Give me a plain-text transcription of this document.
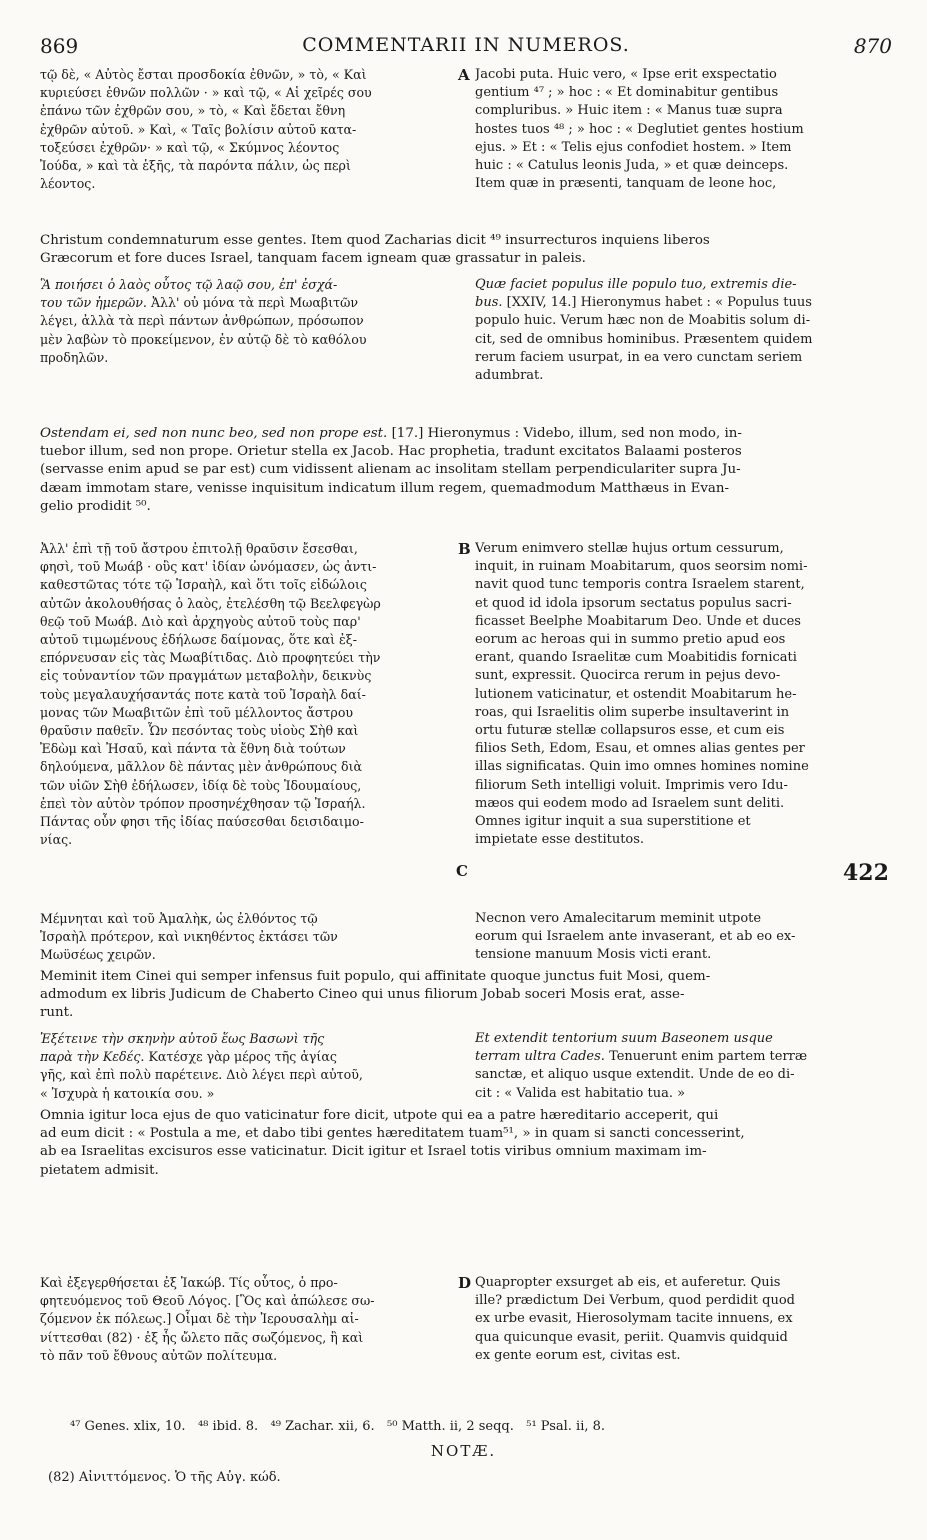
869	COMMENTARII IN NUMEROS.	870
τῷ δὲ, « Αὐτὸς ἔσται προσδοκία ἐθνῶν, » τὸ, « Καὶ
κυριεύσει ἐθνῶν πολλῶν · » καὶ τῷ, « Αἱ χεῖρές σου
ἐπάνω τῶν ἐχθρῶν σου, » τὸ, « Καὶ ἔδεται ἔθνη
ἐχθρῶν αὐτοῦ. » Καὶ, « Ταῖς βολίσιν αὐτοῦ κατα-
τοξεύσει ἐχθρῶν· » καὶ τῷ, « Σκύμνος λέοντος
Ἰούδα, » καὶ τὰ ἑξῆς, τὰ παρόντα πάλιν, ὡς περὶ
λέοντος.
A Jacobi puta. Huic vero, « Ipse erit exspectatio
gentium ⁴⁷ ; » hoc : « Et dominabitur gentibus
compluribus. » Huic item : « Manus tuæ supra
hostes tuos ⁴⁸ ; » hoc : « Deglutiet gentes hostium
ejus. » Et : « Telis ejus confodiet hostem. » Item
huic : « Catulus leonis Juda, » et quæ deinceps.
Item quæ in præsenti, tanquam de leone hoc,
Christum condemnaturum esse gentes. Item quod Zacharias dicit ⁴⁹ insurrecturos inquiens liberos
Græcorum et fore duces Israel, tanquam facem igneam quæ grassatur in paleis.
Ἃ ποιήσει ὁ λαὸς οὗτος τῷ λαῷ σου, ἐπ' ἐσχά-
του τῶν ἡμερῶν. Ἀλλ' οὐ μόνα τὰ περὶ Μωαβιτῶν
λέγει, ἀλλὰ τὰ περὶ πάντων ἀνθρώπων, πρόσωπον
μὲν λαβὼν τὸ προκείμενον, ἐν αὐτῷ δὲ τὸ καθόλου
προδηλῶν.
Quæ faciet populus ille populo tuo, extremis die-
bus. [XXIV, 14.] Hieronymus habet : « Populus tuus
populo huic. Verum hæc non de Moabitis solum di-
cit, sed de omnibus hominibus. Præsentem quidem
rerum faciem usurpat, in ea vero cunctam seriem
adumbrat.
Ostendam ei, sed non nunc beo, sed non prope est. [17.] Hieronymus : Videbo, illum, sed non modo, in-
tuebor illum, sed non prope. Orietur stella ex Jacob. Hac prophetia, tradunt excitatos Balaami posteros
(servasse enim apud se par est) cum vidissent alienam ac insolitam stellam perpendiculariter supra Ju-
dæam immotam stare, venisse inquisitum indicatum illum regem, quemadmodum Matthæus in Evan-
gelio prodidit ⁵⁰.
Ἀλλ' ἐπὶ τῇ τοῦ ἄστρου ἐπιτολῇ θραῦσιν ἔσεσθαι,
φησὶ, τοῦ Μωάβ · οὓς κατ' ἰδίαν ὠνόμασεν, ὡς ἀντι-
καθεστῶτας τότε τῷ Ἰσραὴλ, καὶ ὅτι τοῖς εἰδώλοις
αὐτῶν ἀκολουθήσας ὁ λαὸς, ἐτελέσθη τῷ Βεελφεγὼρ
θεῷ τοῦ Μωάβ. Διὸ καὶ ἀρχηγοὺς αὐτοῦ τοὺς παρ'
αὐτοῦ τιμωμένους ἐδήλωσε δαίμονας, ὅτε καὶ ἐξ-
επόρνευσαν εἰς τὰς Μωαβίτιδας. Διὸ προφητεύει τὴν
εἰς τοὐναντίον τῶν πραγμάτων μεταβολὴν, δεικνὺς
τοὺς μεγαλαυχήσαντάς ποτε κατὰ τοῦ Ἰσραὴλ δαί-
μονας τῶν Μωαβιτῶν ἐπὶ τοῦ μέλλοντος ἄστρου
θραῦσιν παθεῖν. Ὧν πεσόντας τοὺς υἱοὺς Σὴθ καὶ
Ἐδὼμ καὶ Ἠσαῦ, καὶ πάντα τὰ ἔθνη διὰ τούτων
δηλούμενα, μᾶλλον δὲ πάντας μὲν ἀνθρώπους διὰ
τῶν υἱῶν Σὴθ ἐδήλωσεν, ἰδίᾳ δὲ τοὺς Ἰδουμαίους,
ἐπεὶ τὸν αὐτὸν τρόπον προσηνέχθησαν τῷ Ἰσραήλ.
Πάντας οὖν φησι τῆς ἰδίας παύσεσθαι δεισιδαιμο-
νίας.
B
C
Verum enimvero stellæ hujus ortum cessurum,
inquit, in ruinam Moabitarum, quos seorsim nomi-
navit quod tunc temporis contra Israelem starent,
et quod id idola ipsorum sectatus populus sacri-
ficasset Beelphe Moabitarum Deo. Unde et duces
eorum ac heroas qui in summo pretio apud eos
erant, quando Israelitæ cum Moabitidis fornicati
sunt, expressit. Quocirca rerum in pejus devo-
lutionem vaticinatur, et ostendit Moabitarum he-
roas, qui Israelitis olim superbe insultaverint in
ortu futuræ stellæ collapsuros esse, et cum eis
filios Seth, Edom, Esau, et omnes alias gentes per
illas significatas. Quin imo omnes homines nomine
filiorum Seth intelligi voluit. Imprimis vero Idu-
mæos qui eodem modo ad Israelem sunt deliti.
Omnes igitur inquit a sua superstitione et
impietate esse destitutos.
422
Μέμνηται καὶ τοῦ Ἀμαλὴκ, ὡς ἐλθόντος τῷ
Ἰσραὴλ πρότερον, καὶ νικηθέντος ἐκτάσει τῶν
Μωϋσέως χειρῶν.
Necnon vero Amalecitarum meminit utpote
eorum qui Israelem ante invaserant, et ab eo ex-
tensione manuum Mosis victi erant.
Meminit item Cinei qui semper infensus fuit populo, qui affinitate quoque junctus fuit Mosi, quem-
admodum ex libris Judicum de Chaberto Cineo qui unus filiorum Jobab soceri Mosis erat, asse-
runt.
Ἐξέτεινε τὴν σκηνὴν αὐτοῦ ἕως Βασωνὶ τῆς
παρὰ τὴν Κεδές. Κατέσχε γὰρ μέρος τῆς ἁγίας
γῆς, καὶ ἐπὶ πολὺ παρέτεινε. Διὸ λέγει περὶ αὐτοῦ,
« Ἰσχυρὰ ἡ κατοικία σου. »
Et extendit tentorium suum Baseonem usque
terram ultra Cades. Tenuerunt enim partem terræ
sanctæ, et aliquo usque extendit. Unde de eo di-
cit : « Valida est habitatio tua. »
Omnia igitur loca ejus de quo vaticinatur fore dicit, utpote qui ea a patre hæreditario acceperit, qui
ad eum dicit : « Postula a me, et dabo tibi gentes hæreditatem tuam⁵¹, » in quam si sancti concesserint,
ab ea Israelitas excisuros esse vaticinatur. Dicit igitur et Israel totis viribus omnium maximam im-
pietatem admisit.
Καὶ ἐξεγερθήσεται ἐξ Ἰακώβ. Τίς οὗτος, ὁ προ-
φητευόμενος τοῦ Θεοῦ Λόγος. [Ὃς καὶ ἀπώλεσε σω-
ζόμενον ἐκ πόλεως.] Οἶμαι δὲ τὴν Ἱερουσαλὴμ αἰ-
νίττεσθαι (82) · ἐξ ἧς ὤλετο πᾶς σωζόμενος, ἢ καὶ
τὸ πᾶν τοῦ ἔθνους αὐτῶν πολίτευμα.
D Quapropter exsurget ab eis, et auferetur. Quis
ille? prædictum Dei Verbum, quod perdidit quod
ex urbe evasit, Hierosolymam tacite innuens, ex
qua quicunque evasit, periit. Quamvis quidquid
ex gente eorum est, civitas est.
⁴⁷ Genes. xlix, 10.   ⁴⁸ ibid. 8.   ⁴⁹ Zachar. xii, 6.   ⁵⁰ Matth. ii, 2 seqq.   ⁵¹ Psal. ii, 8.
NOTÆ.
(82) Αἰνιττόμενος. Ὁ τῆς Αὐγ. κώδ.
